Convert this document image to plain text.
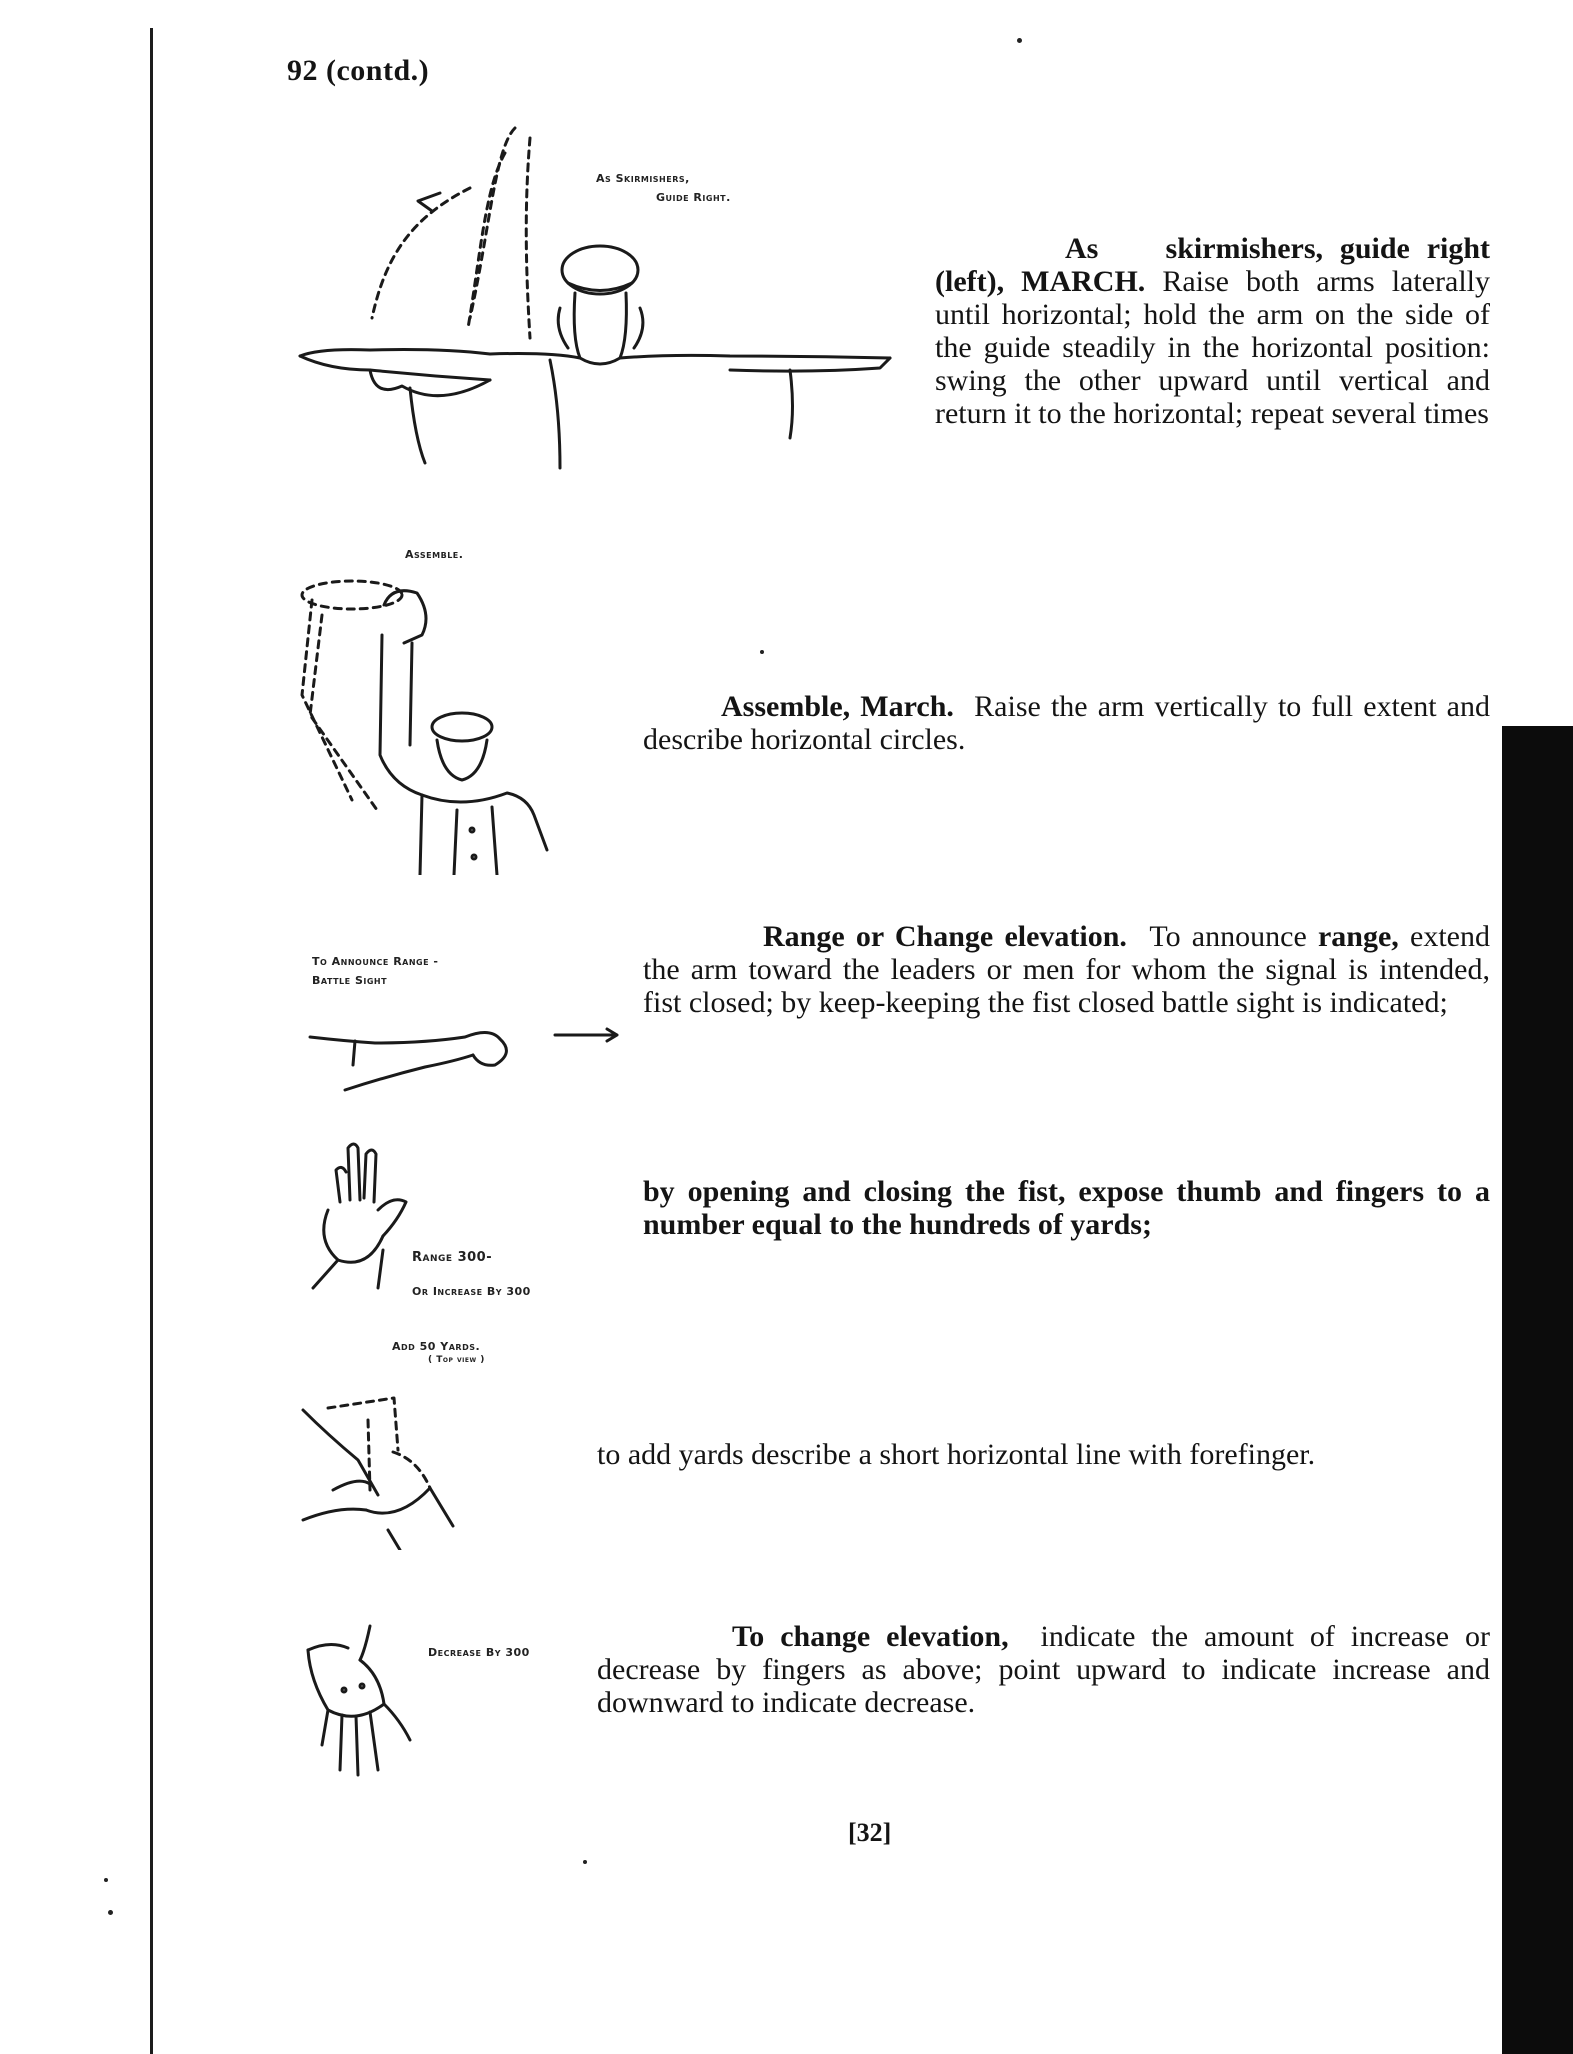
92 (contd.)
As Skirmishers,
Guide Right.

As skirmishers, guide right (left), MARCH. Raise both arms laterally until horizontal; hold the arm on the side of the guide steadily in the horizontal position: swing the other upward until vertical and return it to the horizontal; repeat several times

Assemble.

Assemble, March. Raise the arm vertically to full extent and describe horizontal circles.

To Announce Range -
Battle Sight

Range or Change elevation. To announce range, extend the arm toward the leaders or men for whom the signal is intended, fist closed; by keep-keeping the fist closed battle sight is indicated;

Range 300-
Or Increase By 300

by opening and closing the fist, expose thumb and fingers to a number equal to the hundreds of yards;

Add 50 Yards.
( Top view )

to add yards describe a short horizontal line with forefinger.

Decrease By 300	To change elevation, indicate the amount of increase or decrease by fingers as above; point upward to indicate increase and downward to indicate decrease.

[32]
